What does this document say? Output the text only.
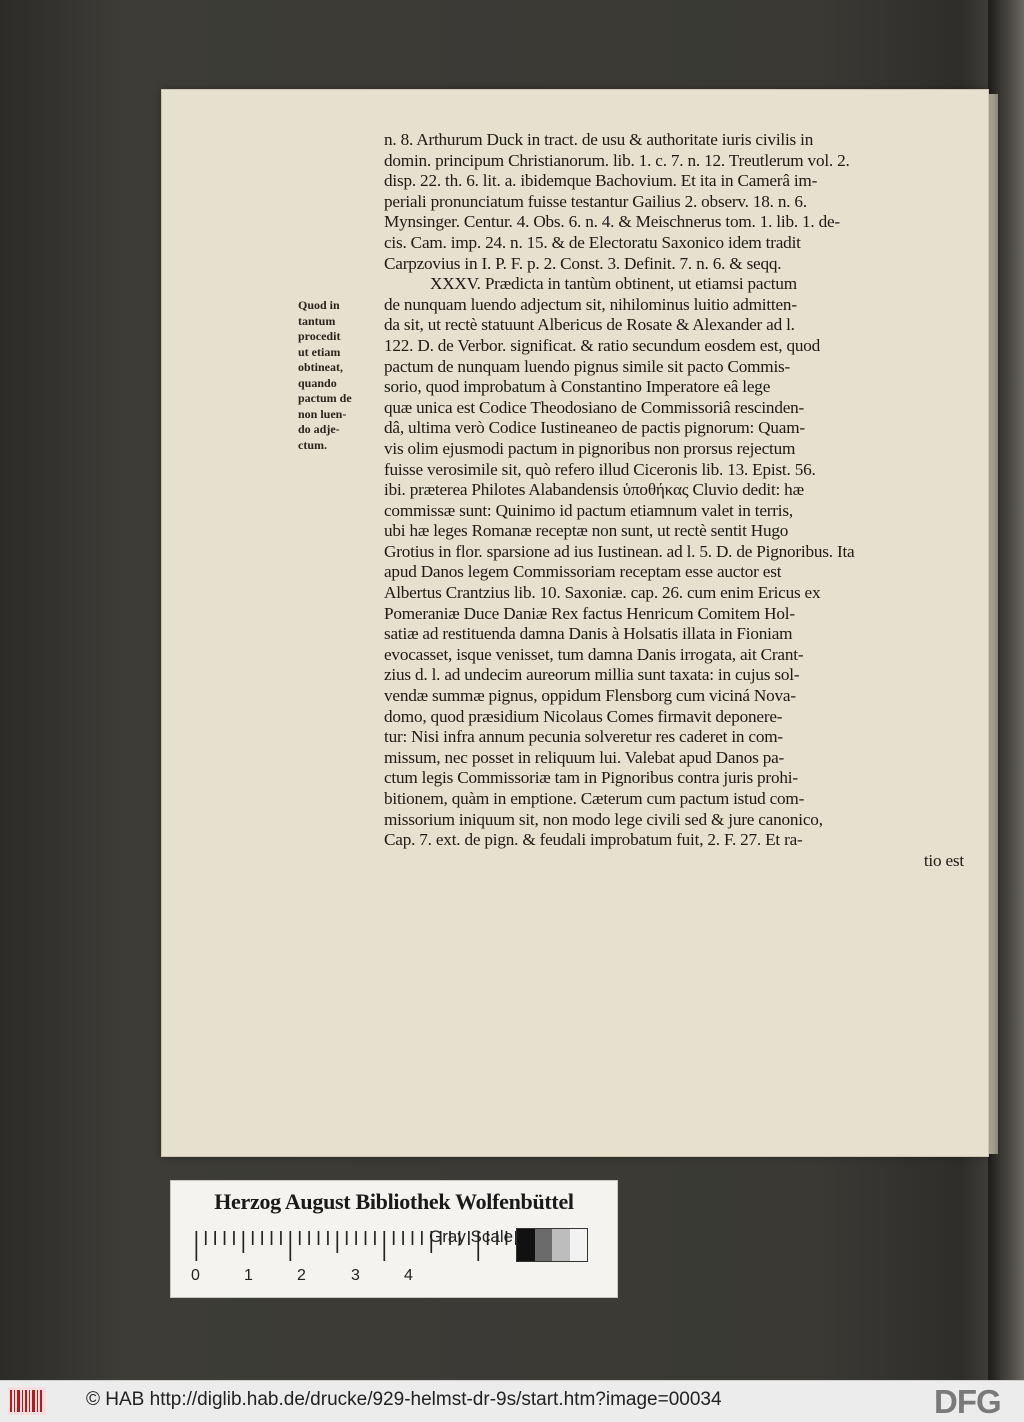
Quod in
tantum
procedit
ut etiam
obtineat,
quando
pactum de
non luen-
do adje-
ctum.
n. 8. Arthurum Duck in tract. de usu & authoritate iuris civilis in
domin. principum Christianorum. lib. 1. c. 7. n. 12. Treutlerum vol. 2.
disp. 22. th. 6. lit. a. ibidemque Bachovium. Et ita in Camerâ im-
periali pronunciatum fuisse testantur Gailius 2. observ. 18. n. 6.
Mynsinger. Centur. 4. Obs. 6. n. 4. & Meischnerus tom. 1. lib. 1. de-
cis. Cam. imp. 24. n. 15. & de Electoratu Saxonico idem tradit
Carpzovius in I. P. F. p. 2. Const. 3. Definit. 7. n. 6. & seqq.
XXXV. Prædicta in tantùm obtinent, ut etiamsi pactum
de nunquam luendo adjectum sit, nihilominus luitio admitten-
da sit, ut rectè statuunt Albericus de Rosate & Alexander ad l.
122. D. de Verbor. significat. & ratio secundum eosdem est, quod
pactum de nunquam luendo pignus simile sit pacto Commis-
sorio, quod improbatum à Constantino Imperatore eâ lege
quæ unica est Codice Theodosiano de Commissoriâ rescinden-
dâ, ultima verò Codice Iustineaneo de pactis pignorum: Quam-
vis olim ejusmodi pactum in pignoribus non prorsus rejectum
fuisse verosimile sit, quò refero illud Ciceronis lib. 13. Epist. 56.
ibi. præterea Philotes Alabandensis ὑποθήκας Cluvio dedit: hæ
commissæ sunt: Quinimo id pactum etiamnum valet in terris,
ubi hæ leges Romanæ receptæ non sunt, ut rectè sentit Hugo
Grotius in flor. sparsione ad ius Iustinean. ad l. 5. D. de Pignoribus. Ita
apud Danos legem Commissoriam receptam esse auctor est
Albertus Crantzius lib. 10. Saxoniæ. cap. 26. cum enim Ericus ex
Pomeraniæ Duce Daniæ Rex factus Henricum Comitem Hol-
satiæ ad restituenda damna Danis à Holsatis illata in Fioniam
evocasset, isque venisset, tum damna Danis irrogata, ait Crant-
zius d. l. ad undecim aureorum millia sunt taxata: in cujus sol-
vendæ summæ pignus, oppidum Flensborg cum viciná Nova-
domo, quod præsidium Nicolaus Comes firmavit deponere-
tur: Nisi infra annum pecunia solveretur res caderet in com-
missum, nec posset in reliquum lui. Valebat apud Danos pa-
ctum legis Commissoriæ tam in Pignoribus contra juris prohi-
bitionem, quàm in emptione. Cæterum cum pactum istud com-
missorium iniquum sit, non modo lege civili sed & jure canonico,
Cap. 7. ext. de pign. & feudali improbatum fuit, 2. F. 27. Et ra-
tio est
Herzog August Bibliothek Wolfenbüttel
Gray Scale
0	1	2	3	4
© HAB http://diglib.hab.de/drucke/929-helmst-dr-9s/start.htm?image=00034	DFG
